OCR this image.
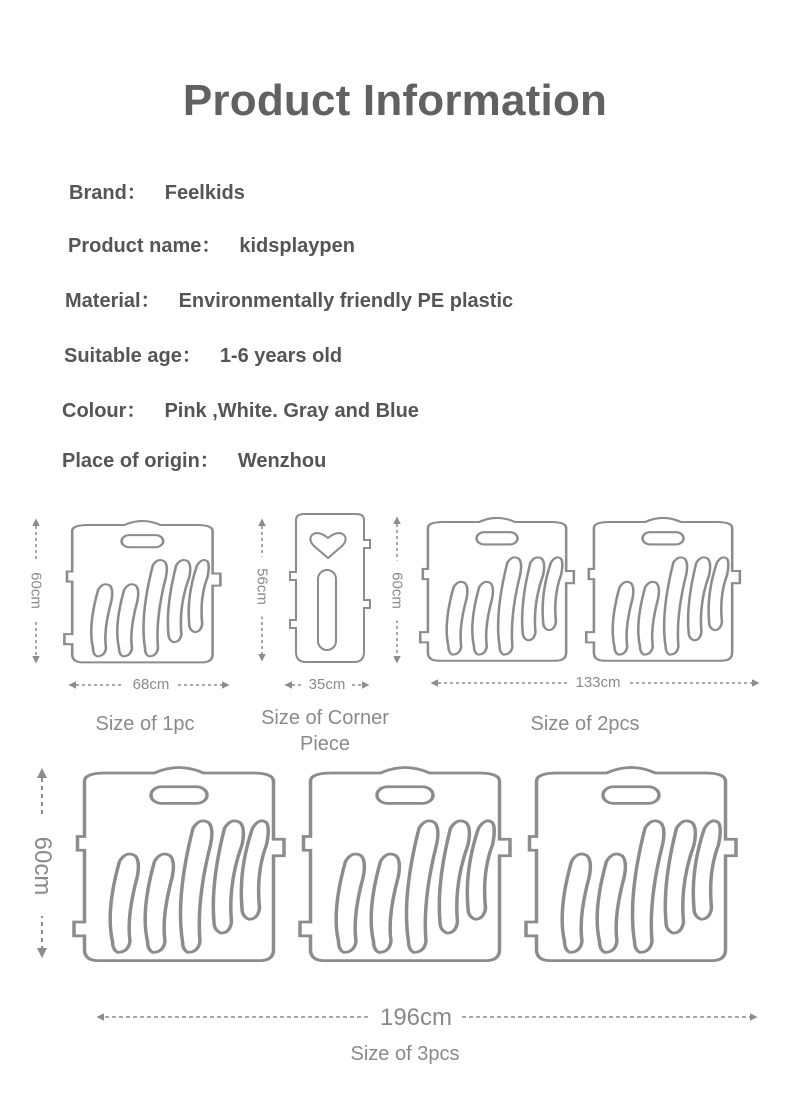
Product Information
Brand： Feelkids
Product name： kidsplaypen
Material： Environmentally friendly PE plastic
Suitable age： 1-6 years old
Colour： Pink ,White. Gray and Blue
Place of origin： Wenzhou
60cm
68cm
56cm
35cm
60cm
133cm
60cm
196cm
Size of 1pc	Size of Corner
Piece
Size of 2pcs
Size of 3pcs
